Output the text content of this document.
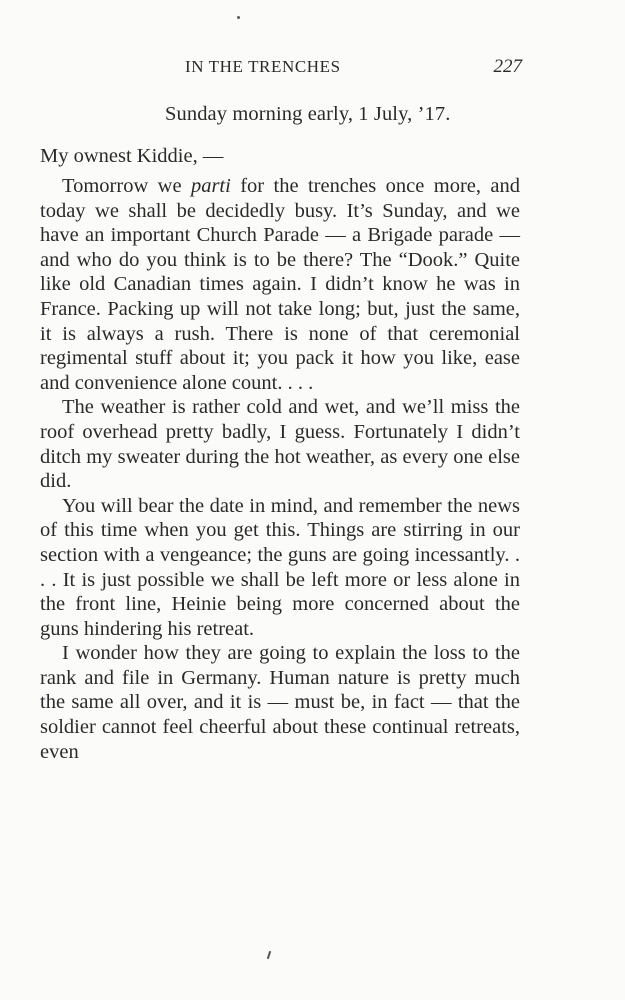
IN THE TRENCHES	227
Sunday morning early, 1 July, ’17.
My ownest Kiddie, —

Tomorrow we parti for the trenches once more, and today we shall be decidedly busy. It’s Sunday, and we have an important Church Parade — a Brigade parade — and who do you think is to be there? The “Dook.” Quite like old Canadian times again. I didn’t know he was in France. Packing up will not take long; but, just the same, it is always a rush. There is none of that ceremonial regimental stuff about it; you pack it how you like, ease and convenience alone count. . . .

The weather is rather cold and wet, and we’ll miss the roof overhead pretty badly, I guess. Fortunately I didn’t ditch my sweater during the hot weather, as every one else did.

You will bear the date in mind, and remember the news of this time when you get this. Things are stirring in our section with a vengeance; the guns are going incessantly. . . . It is just possible we shall be left more or less alone in the front line, Heinie being more concerned about the guns hindering his retreat.

I wonder how they are going to explain the loss to the rank and file in Germany. Human nature is pretty much the same all over, and it is — must be, in fact — that the soldier cannot feel cheerful about these continual retreats, even
